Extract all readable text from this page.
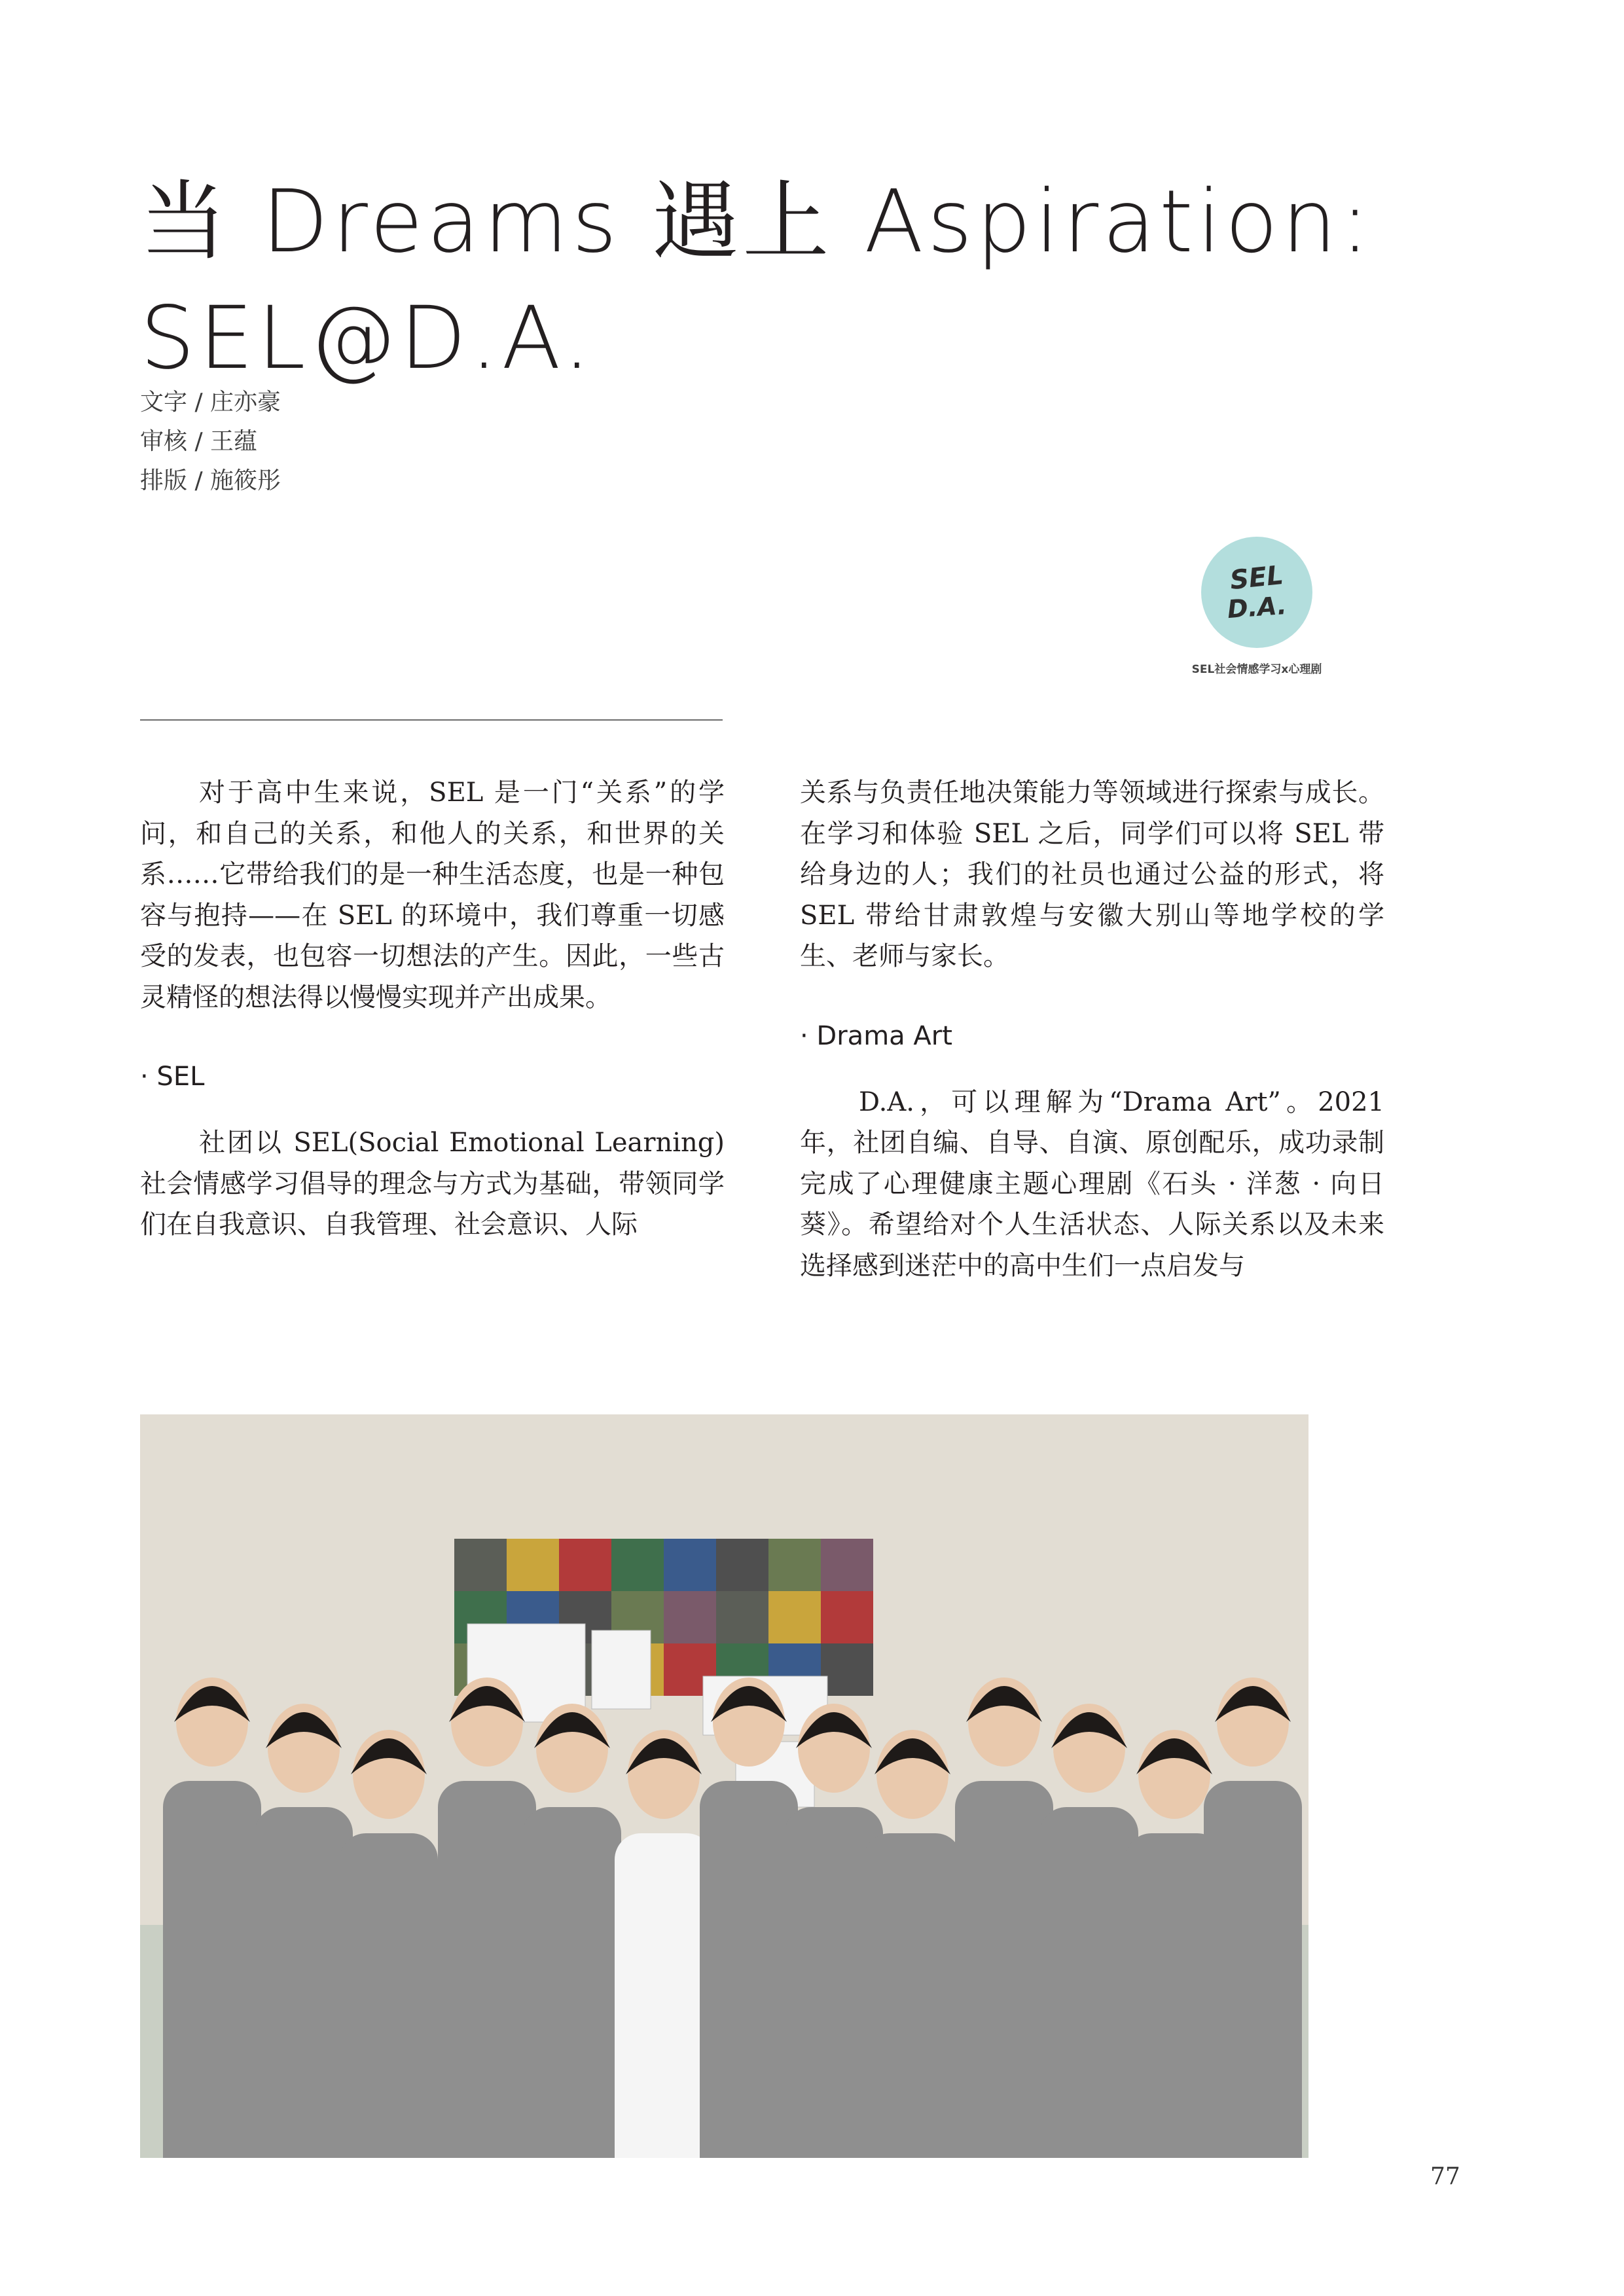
当 Dreams 遇上 Aspiration:
SEL@D.A.
文字 / 庄亦豪
审核 / 王蕴
排版 / 施筱彤
SEL
D.A.
SEL社会情感学习x心理剧

对于高中生来说，SEL 是一门“关系”的学问，和自己的关系，和他人的关系，和世界的关系……它带给我们的是一种生活态度，也是一种包容与抱持——在 SEL 的环境中，我们尊重一切感受的发表，也包容一切想法的产生。因此，一些古灵精怪的想法得以慢慢实现并产出成果。

· SEL

社团以 SEL(Social Emotional Learning) 社会情感学习倡导的理念与方式为基础，带领同学们在自我意识、自我管理、社会意识、人际

关系与负责任地决策能力等领域进行探索与成长。在学习和体验 SEL 之后，同学们可以将 SEL 带给身边的人；我们的社员也通过公益的形式，将 SEL 带给甘肃敦煌与安徽大别山等地学校的学生、老师与家长。

· Drama Art

D.A.，可以理解为“Drama Art”。2021 年，社团自编、自导、自演、原创配乐，成功录制完成了心理健康主题心理剧《石头 · 洋葱 · 向日葵》。希望给对个人生活状态、人际关系以及未来选择感到迷茫中的高中生们一点启发与

77
